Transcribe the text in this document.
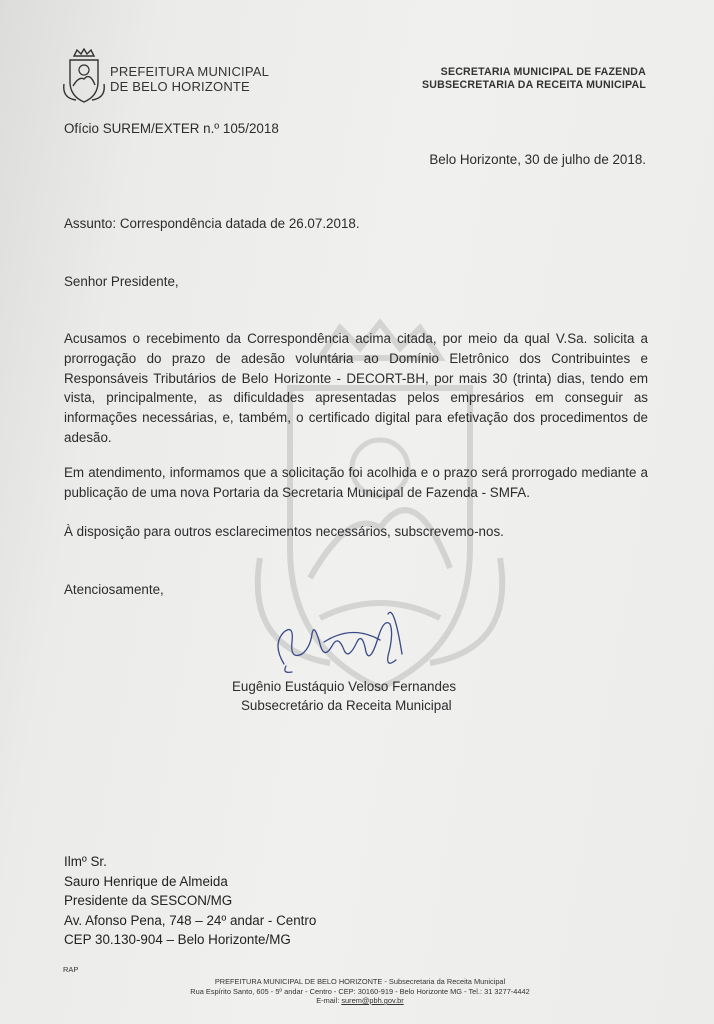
PREFEITURA MUNICIPAL
DE BELO HORIZONTE
SECRETARIA MUNICIPAL DE FAZENDA
SUBSECRETARIA DA RECEITA MUNICIPAL
Ofício SUREM/EXTER n.º 105/2018
Belo Horizonte, 30 de julho de 2018.
Assunto: Correspondência datada de 26.07.2018.
Senhor Presidente,
Acusamos o recebimento da Correspondência acima citada, por meio da qual V.Sa. solicita a prorrogação do prazo de adesão voluntária ao Domínio Eletrônico dos Contribuintes e Responsáveis Tributários de Belo Horizonte - DECORT-BH, por mais 30 (trinta) dias, tendo em vista, principalmente, as dificuldades apresentadas pelos empresários em conseguir as informações necessárias, e, também, o certificado digital para efetivação dos procedimentos de adesão.
Em atendimento, informamos que a solicitação foi acolhida e o prazo será prorrogado mediante a publicação de uma nova Portaria da Secretaria Municipal de Fazenda - SMFA.
À disposição para outros esclarecimentos necessários, subscrevemo-nos.
Atenciosamente,
Eugênio Eustáquio Veloso Fernandes
Subsecretário da Receita Municipal
Ilmº Sr.
Sauro Henrique de Almeida
Presidente da SESCON/MG
Av. Afonso Pena, 748 – 24º andar - Centro
CEP 30.130-904 – Belo Horizonte/MG
RAP
PREFEITURA MUNICIPAL DE BELO HORIZONTE - Subsecretaria da Receita Municipal
Rua Espírito Santo, 605 - 5º andar - Centro - CEP: 30160-919 - Belo Horizonte MG - Tel.: 31 3277-4442
E-mail: surem@pbh.gov.br
